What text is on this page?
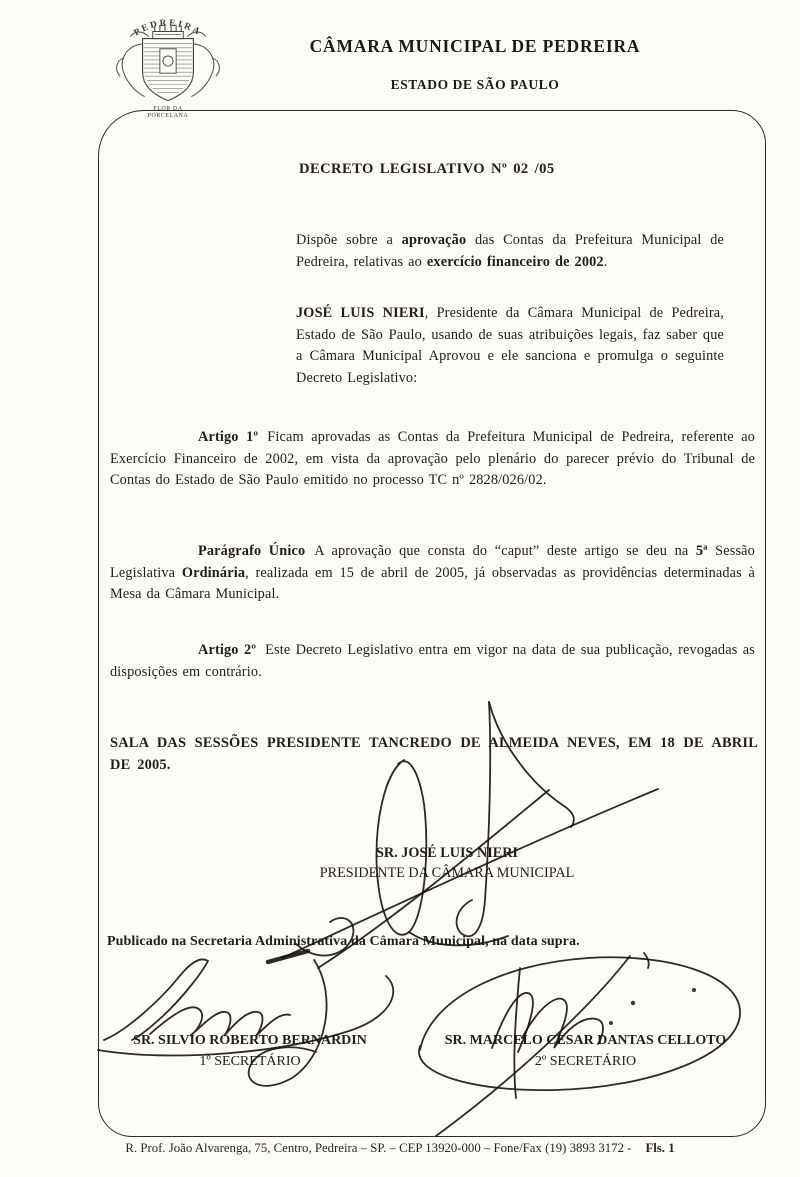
PEDREIRA
FLOR DA
PORCELANA
CÂMARA MUNICIPAL DE PEDREIRA
ESTADO DE SÃO PAULO
DECRETO LEGISLATIVO Nº 02 /05
Dispõe sobre a aprovação das Contas da Prefeitura Municipal de Pedreira, relativas ao exercício financeiro de 2002.
JOSÉ LUIS NIERI, Presidente da Câmara Municipal de Pedreira, Estado de São Paulo, usando de suas atribuições legais, faz saber que a Câmara Municipal Aprovou e ele sanciona e promulga o seguinte Decreto Legislativo:
Artigo 1º Ficam aprovadas as Contas da Prefeitura Municipal de Pedreira, referente ao Exercício Financeiro de 2002, em vista da aprovação pelo plenário do parecer prévio do Tribunal de Contas do Estado de São Paulo emitido no processo TC nº 2828/026/02.
Parágrafo Único A aprovação que consta do “caput” deste artigo se deu na 5ª Sessão Legislativa Ordinária, realizada em 15 de abril de 2005, já observadas as providências determinadas à Mesa da Câmara Municipal.
Artigo 2º Este Decreto Legislativo entra em vigor na data de sua publicação, revogadas as disposições em contrário.
SALA DAS SESSÕES PRESIDENTE TANCREDO DE ALMEIDA NEVES, EM 18 DE ABRIL DE 2005.
SR. JOSÉ LUIS NIERI
PRESIDENTE DA CÂMARA MUNICIPAL
Publicado na Secretaria Administrativa da Câmara Municipal, na data supra.
SR. SILVIO ROBERTO BERNARDIN
1º SECRETÁRIO
SR. MARCELO CESAR DANTAS CELLOTO
2º SECRETÁRIO
R. Prof. João Alvarenga, 75, Centro, Pedreira – SP. – CEP 13920-000 – Fone/Fax (19) 3893 3172 - Fls. 1
